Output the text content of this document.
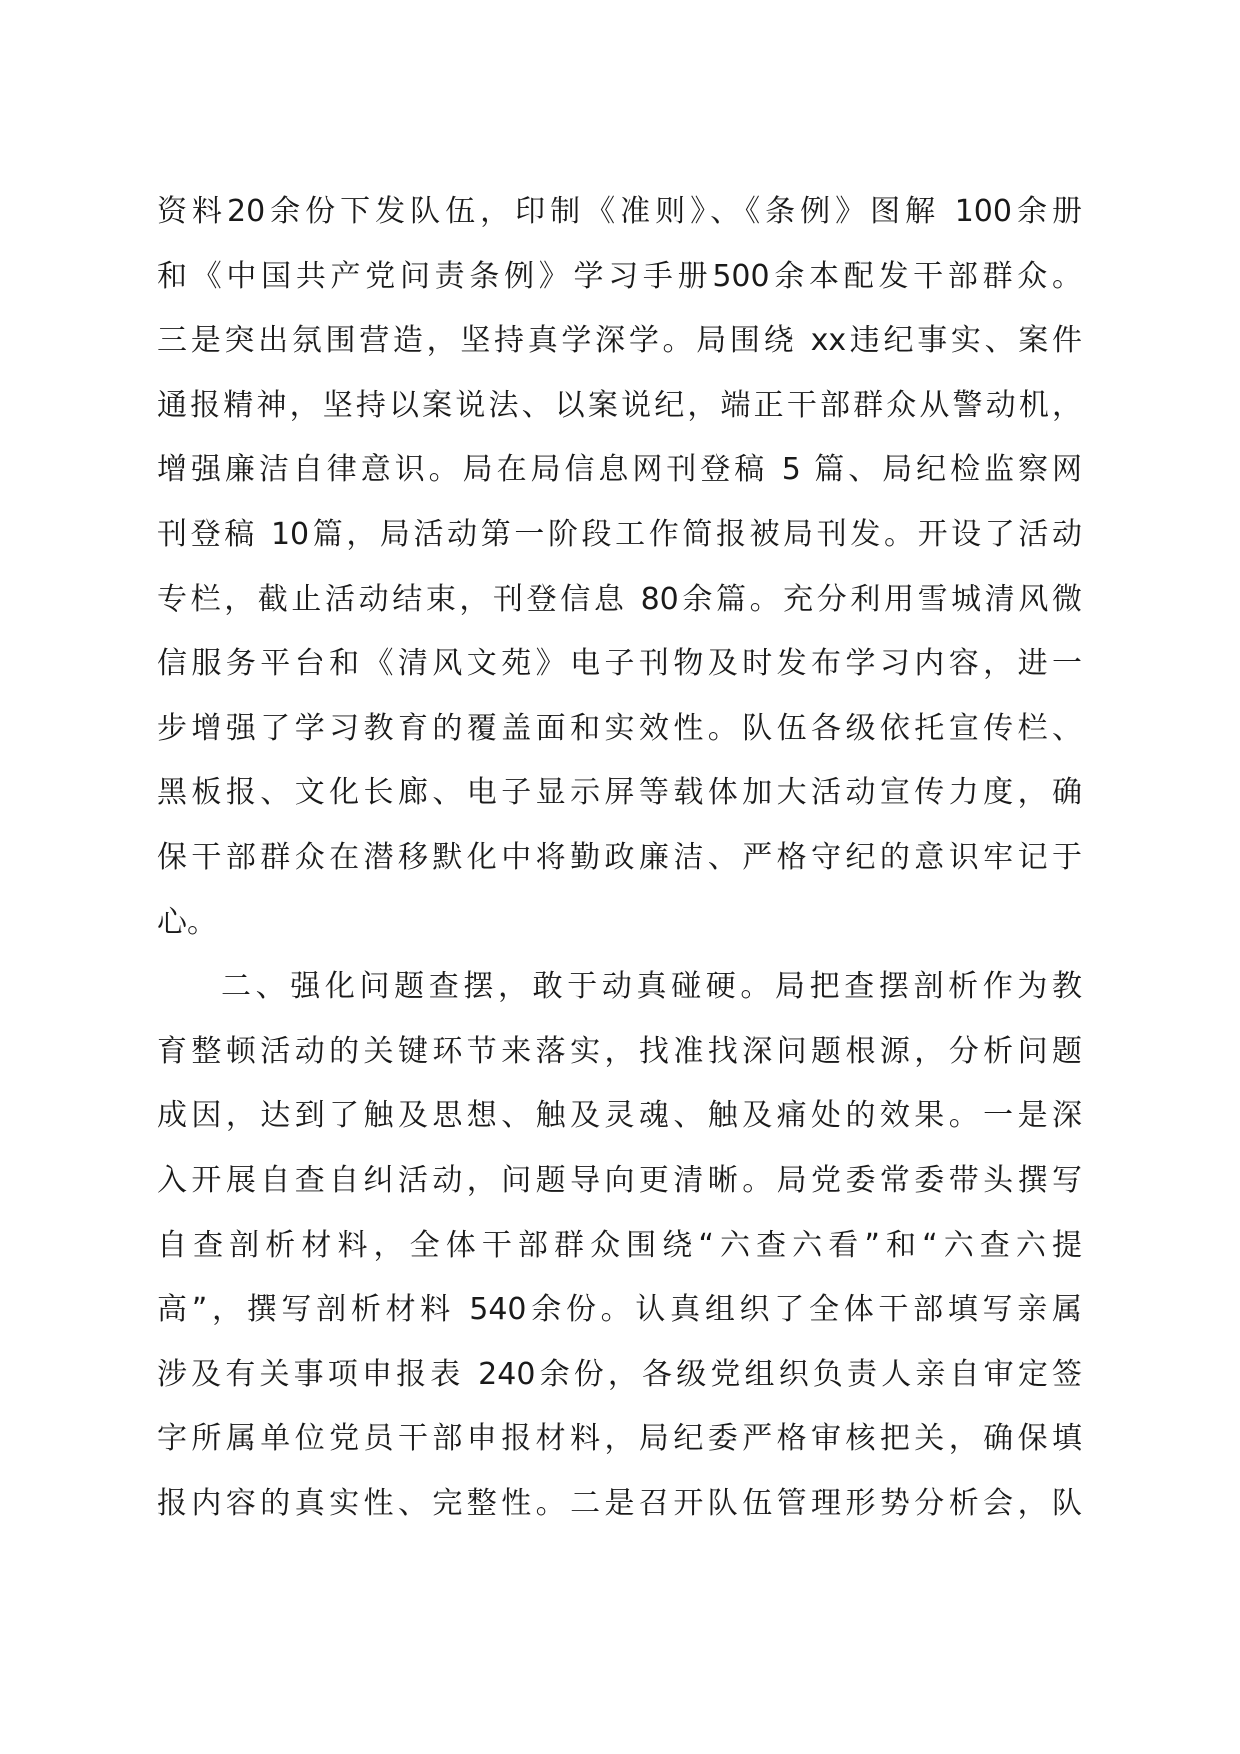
资料20余份下发队伍，印制《准则》、《条例》图解 100余册
和《中国共产党问责条例》学习手册500余本配发干部群众。
三是突出氛围营造，坚持真学深学。局围绕 xx违纪事实、案件
通报精神，坚持以案说法、以案说纪，端正干部群众从警动机，
增强廉洁自律意识。局在局信息网刊登稿 5 篇、局纪检监察网
刊登稿 10篇，局活动第一阶段工作简报被局刊发。开设了活动
专栏，截止活动结束，刊登信息 80余篇。充分利用雪城清风微
信服务平台和《清风文苑》电子刊物及时发布学习内容，进一
步增强了学习教育的覆盖面和实效性。队伍各级依托宣传栏、
黑板报、文化长廊、电子显示屏等载体加大活动宣传力度，确
保干部群众在潜移默化中将勤政廉洁、严格守纪的意识牢记于
心。
二、强化问题查摆，敢于动真碰硬。局把查摆剖析作为教
育整顿活动的关键环节来落实，找准找深问题根源，分析问题
成因，达到了触及思想、触及灵魂、触及痛处的效果。一是深
入开展自查自纠活动，问题导向更清晰。局党委常委带头撰写
自查剖析材料，全体干部群众围绕“六查六看”和“六查六提
高”，撰写剖析材料 540余份。认真组织了全体干部填写亲属
涉及有关事项申报表 240余份，各级党组织负责人亲自审定签
字所属单位党员干部申报材料，局纪委严格审核把关，确保填
报内容的真实性、完整性。二是召开队伍管理形势分析会，队
